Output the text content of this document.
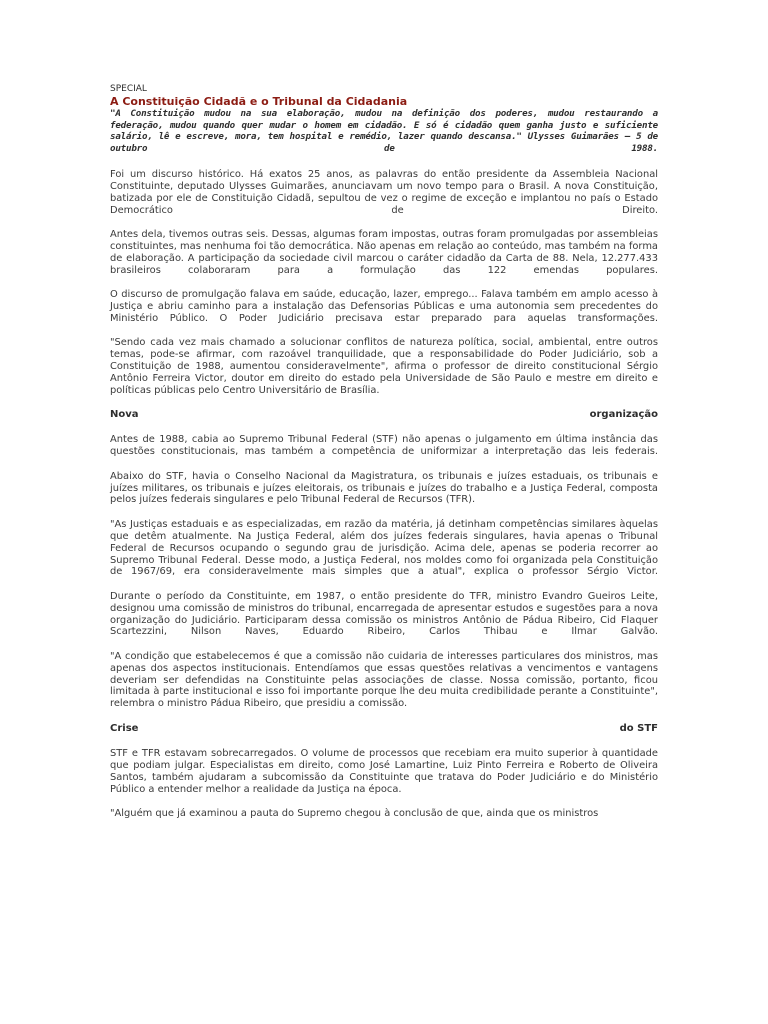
SPECIAL

A Constituição Cidadã e o Tribunal da Cidadania

"A Constituição mudou na sua elaboração, mudou na definição dos poderes, mudou restaurando a federação, mudou quando quer mudar o homem em cidadão. E só é cidadão quem ganha justo e suficiente salário, lê e escreve, mora, tem hospital e remédio, lazer quando descansa." Ulysses Guimarães – 5 de outubro de 1988.

Foi um discurso histórico. Há exatos 25 anos, as palavras do então presidente da Assembleia Nacional Constituinte, deputado Ulysses Guimarães, anunciavam um novo tempo para o Brasil. A nova Constituição, batizada por ele de Constituição Cidadã, sepultou de vez o regime de exceção e implantou no país o Estado Democrático de Direito.

Antes dela, tivemos outras seis. Dessas, algumas foram impostas, outras foram promulgadas por assembleias constituintes, mas nenhuma foi tão democrática. Não apenas em relação ao conteúdo, mas também na forma de elaboração. A participação da sociedade civil marcou o caráter cidadão da Carta de 88. Nela, 12.277.433 brasileiros colaboraram para a formulação das 122 emendas populares.

O discurso de promulgação falava em saúde, educação, lazer, emprego... Falava também em amplo acesso à Justiça e abriu caminho para a instalação das Defensorias Públicas e uma autonomia sem precedentes do Ministério Público. O Poder Judiciário precisava estar preparado para aquelas transformações.

"Sendo cada vez mais chamado a solucionar conflitos de natureza política, social, ambiental, entre outros temas, pode-se afirmar, com razoável tranquilidade, que a responsabilidade do Poder Judiciário, sob a Constituição de 1988, aumentou consideravelmente", afirma o professor de direito constitucional Sérgio Antônio Ferreira Victor, doutor em direito do estado pela Universidade de São Paulo e mestre em direito e políticas públicas pelo Centro Universitário de Brasília.

Nova	organização

Antes de 1988, cabia ao Supremo Tribunal Federal (STF) não apenas o julgamento em última instância das questões constitucionais, mas também a competência de uniformizar a interpretação das leis federais.

Abaixo do STF, havia o Conselho Nacional da Magistratura, os tribunais e juízes estaduais, os tribunais e juízes militares, os tribunais e juízes eleitorais, os tribunais e juízes do trabalho e a Justiça Federal, composta pelos juízes federais singulares e pelo Tribunal Federal de Recursos (TFR).

"As Justiças estaduais e as especializadas, em razão da matéria, já detinham competências similares àquelas que detêm atualmente. Na Justiça Federal, além dos juízes federais singulares, havia apenas o Tribunal Federal de Recursos ocupando o segundo grau de jurisdição. Acima dele, apenas se poderia recorrer ao Supremo Tribunal Federal. Desse modo, a Justiça Federal, nos moldes como foi organizada pela Constituição de 1967/69, era consideravelmente mais simples que a atual", explica o professor Sérgio Victor.

Durante o período da Constituinte, em 1987, o então presidente do TFR, ministro Evandro Gueiros Leite, designou uma comissão de ministros do tribunal, encarregada de apresentar estudos e sugestões para a nova organização do Judiciário. Participaram dessa comissão os ministros Antônio de Pádua Ribeiro, Cid Flaquer Scartezzini, Nilson Naves, Eduardo Ribeiro, Carlos Thibau e Ilmar Galvão.

"A condição que estabelecemos é que a comissão não cuidaria de interesses particulares dos ministros, mas apenas dos aspectos institucionais. Entendíamos que essas questões relativas a vencimentos e vantagens deveriam ser defendidas na Constituinte pelas associações de classe. Nossa comissão, portanto, ficou limitada à parte institucional e isso foi importante porque lhe deu muita credibilidade perante a Constituinte", relembra o ministro Pádua Ribeiro, que presidiu a comissão.

Crise	do STF

STF e TFR estavam sobrecarregados. O volume de processos que recebiam era muito superior à quantidade que podiam julgar. Especialistas em direito, como José Lamartine, Luiz Pinto Ferreira e Roberto de Oliveira Santos, também ajudaram a subcomissão da Constituinte que tratava do Poder Judiciário e do Ministério Público a entender melhor a realidade da Justiça na época.

"Alguém que já examinou a pauta do Supremo chegou à conclusão de que, ainda que os ministros
